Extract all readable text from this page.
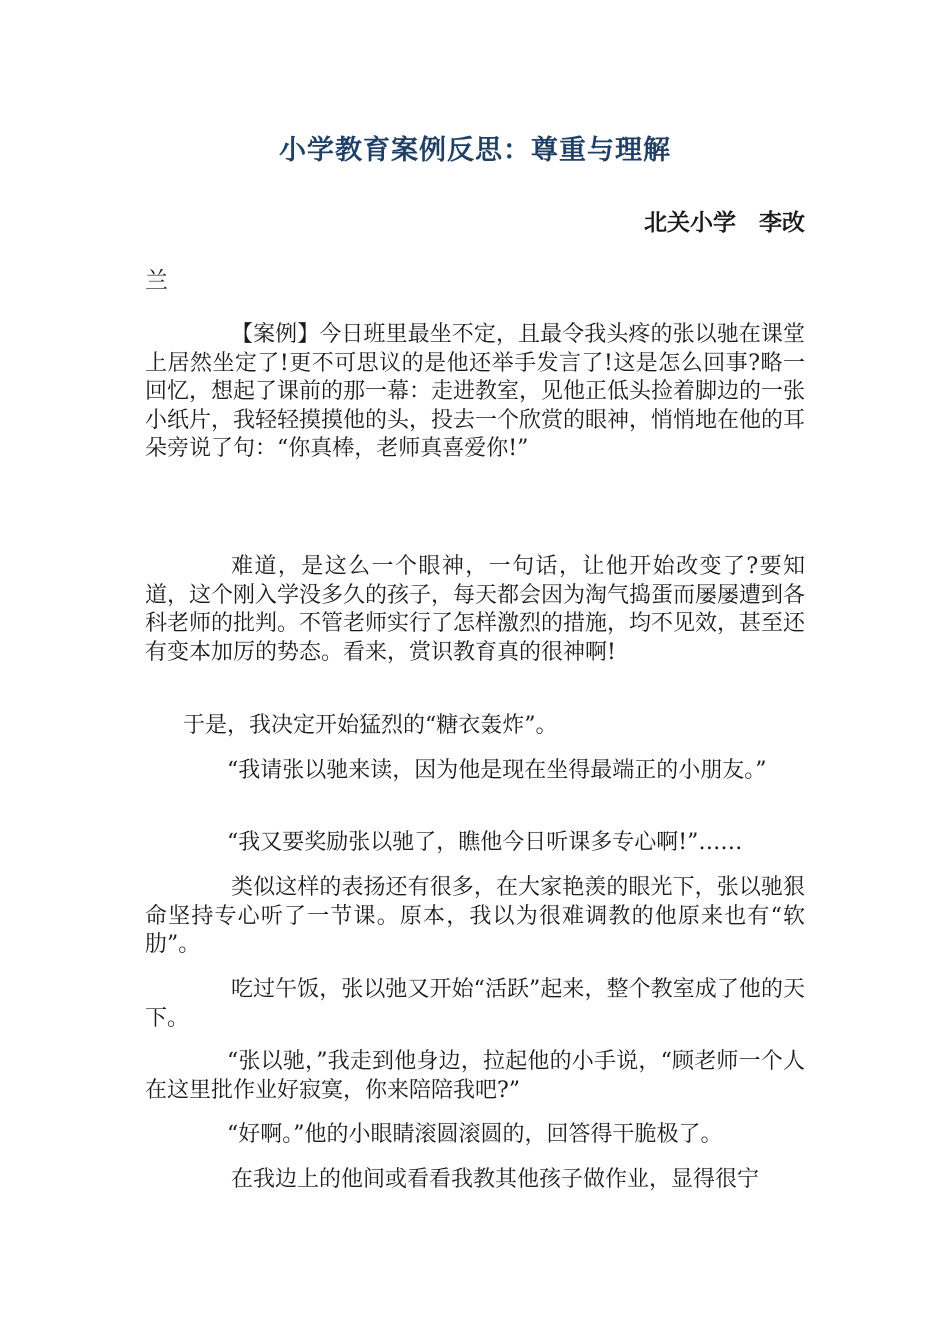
小学教育案例反思：尊重与理解
北关小学　李改
兰

【案例】今日班里最坐不定，且最令我头疼的张以驰在课堂上居然坐定了!更不可思议的是他还举手发言了!这是怎么回事?略一回忆，想起了课前的那一幕：走进教室，见他正低头捡着脚边的一张小纸片，我轻轻摸摸他的头，投去一个欣赏的眼神，悄悄地在他的耳朵旁说了句：“你真棒，老师真喜爱你!”

难道，是这么一个眼神，一句话，让他开始改变了?要知道，这个刚入学没多久的孩子，每天都会因为淘气捣蛋而屡屡遭到各科老师的批判。不管老师实行了怎样激烈的措施，均不见效，甚至还有变本加厉的势态。看来，赏识教育真的很神啊!

于是，我决定开始猛烈的“糖衣轰炸”。

“我请张以驰来读，因为他是现在坐得最端正的小朋友。”

“我又要奖励张以驰了，瞧他今日听课多专心啊!”……

类似这样的表扬还有很多，在大家艳羡的眼光下，张以驰狠命坚持专心听了一节课。原本，我以为很难调教的他原来也有“软肋”。

吃过午饭，张以弛又开始“活跃”起来，整个教室成了他的天下。

“张以驰，”我走到他身边，拉起他的小手说，“顾老师一个人在这里批作业好寂寞，你来陪陪我吧?”

“好啊。”他的小眼睛滚圆滚圆的，回答得干脆极了。

在我边上的他间或看看我教其他孩子做作业，显得很宁
